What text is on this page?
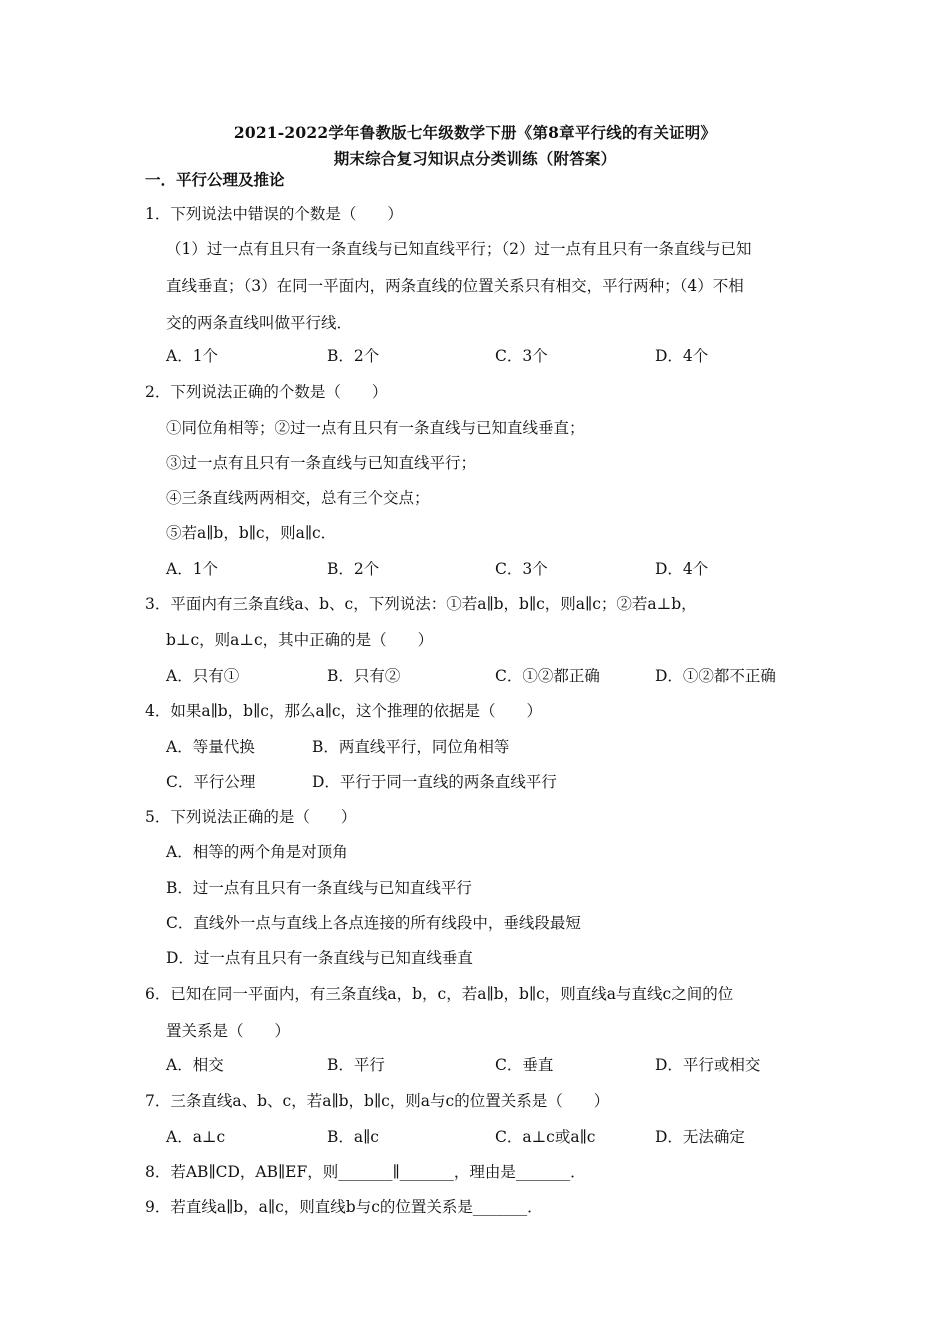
2021-2022学年鲁教版七年级数学下册《第8章平行线的有关证明》
期末综合复习知识点分类训练（附答案）
一．平行公理及推论
1．下列说法中错误的个数是（　　）
（1）过一点有且只有一条直线与已知直线平行；（2）过一点有且只有一条直线与已知
直线垂直；（3）在同一平面内，两条直线的位置关系只有相交，平行两种；（4）不相
交的两条直线叫做平行线．
A．1个	B．2个	C．3个	D．4个
2．下列说法正确的个数是（　　）
①同位角相等；②过一点有且只有一条直线与已知直线垂直；
③过一点有且只有一条直线与已知直线平行；
④三条直线两两相交，总有三个交点；
⑤若a∥b，b∥c，则a∥c．
A．1个	B．2个	C．3个	D．4个
3．平面内有三条直线a、b、c，下列说法：①若a∥b，b∥c，则a∥c；②若a⊥b，
b⊥c，则a⊥c，其中正确的是（　　）
A．只有①	B．只有②	C．①②都正确	D．①②都不正确
4．如果a∥b，b∥c，那么a∥c，这个推理的依据是（　　）
A．等量代换	B．两直线平行，同位角相等
C．平行公理	D．平行于同一直线的两条直线平行
5．下列说法正确的是（　　）
A．相等的两个角是对顶角
B．过一点有且只有一条直线与已知直线平行
C．直线外一点与直线上各点连接的所有线段中，垂线段最短
D．过一点有且只有一条直线与已知直线垂直
6．已知在同一平面内，有三条直线a，b，c，若a∥b，b∥c，则直线a与直线c之间的位
置关系是（　　）
A．相交	B．平行	C．垂直	D．平行或相交
7．三条直线a、b、c，若a∥b，b∥c，则a与c的位置关系是（　　）
A．a⊥c	B．a∥c	C．a⊥c或a∥c	D．无法确定
8．若AB∥CD，AB∥EF，则_______∥_______，理由是_______．
9．若直线a∥b，a∥c，则直线b与c的位置关系是_______．
